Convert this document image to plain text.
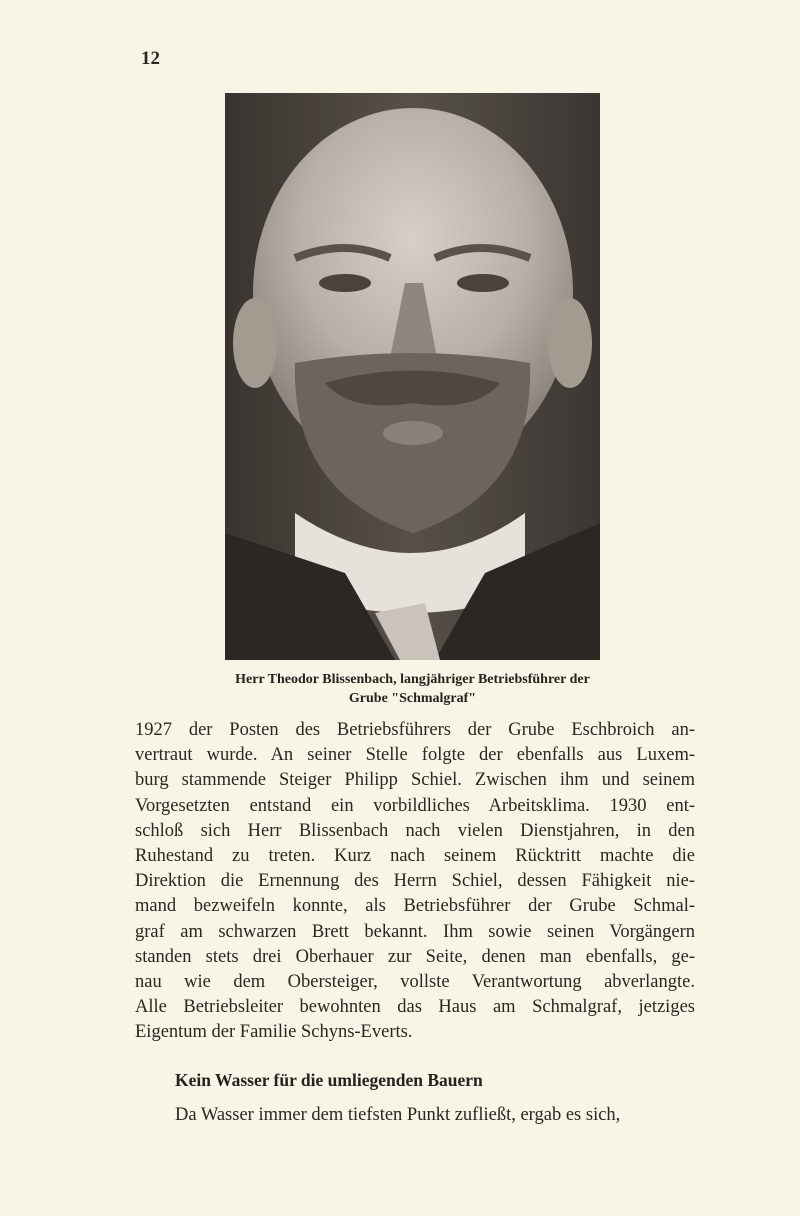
12
Herr Theodor Blissenbach, langjähriger Betriebsführer der
Grube "Schmalgraf"
1927 der Posten des Betriebsführers der Grube Eschbroich an-
vertraut wurde. An seiner Stelle folgte der ebenfalls aus Luxem-
burg stammende Steiger Philipp Schiel. Zwischen ihm und seinem
Vorgesetzten entstand ein vorbildliches Arbeitsklima. 1930 ent-
schloß sich Herr Blissenbach nach vielen Dienstjahren, in den
Ruhestand zu treten. Kurz nach seinem Rücktritt machte die
Direktion die Ernennung des Herrn Schiel, dessen Fähigkeit nie-
mand bezweifeln konnte, als Betriebsführer der Grube Schmal-
graf am schwarzen Brett bekannt. Ihm sowie seinen Vorgängern
standen stets drei Oberhauer zur Seite, denen man ebenfalls, ge-
nau wie dem Obersteiger, vollste Verantwortung abverlangte.
Alle Betriebsleiter bewohnten das Haus am Schmalgraf, jetziges
Eigentum der Familie Schyns-Everts.
Kein Wasser für die umliegenden Bauern
Da Wasser immer dem tiefsten Punkt zufließt, ergab es sich,
